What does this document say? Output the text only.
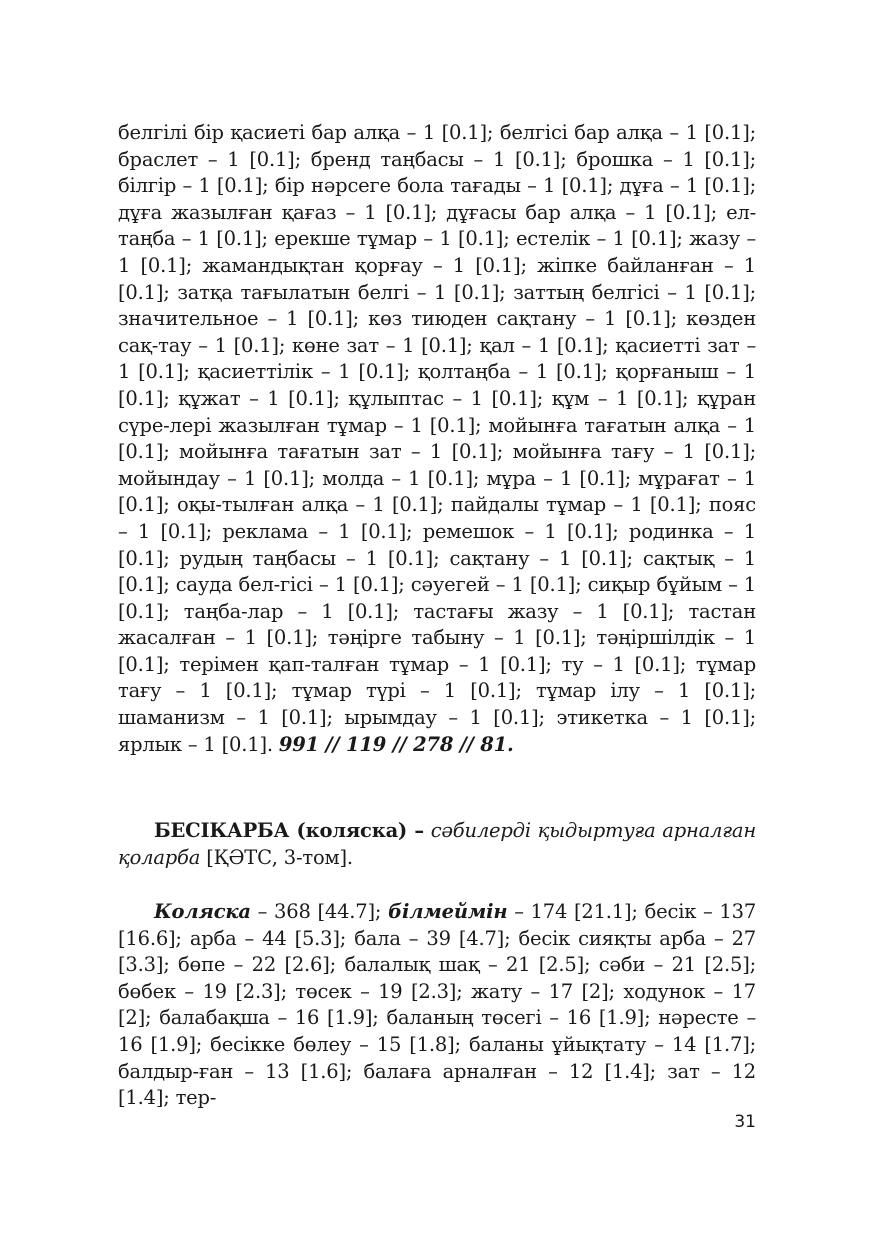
белгілі бір қасиеті бар алқа – 1 [0.1]; белгісі бар алқа – 1 [0.1]; браслет – 1 [0.1]; бренд таңбасы – 1 [0.1]; брошка – 1 [0.1]; білгір – 1 [0.1]; бір нәрсеге бола тағады – 1 [0.1]; дұға – 1 [0.1]; дұға жазылған қағаз – 1 [0.1]; дұғасы бар алқа – 1 [0.1]; ел-таңба – 1 [0.1]; ерекше тұмар – 1 [0.1]; естелік – 1 [0.1]; жазу – 1 [0.1]; жамандықтан қорғау – 1 [0.1]; жіпке байланған – 1 [0.1]; затқа тағылатын белгі – 1 [0.1]; заттың белгісі – 1 [0.1]; значительное – 1 [0.1]; көз тиюден сақтану – 1 [0.1]; көзден сақ-тау – 1 [0.1]; көне зат – 1 [0.1]; қал – 1 [0.1]; қасиетті зат – 1 [0.1]; қасиеттілік – 1 [0.1]; қолтаңба – 1 [0.1]; қорғаныш – 1 [0.1]; құжат – 1 [0.1]; құлыптас – 1 [0.1]; құм – 1 [0.1]; құран сүре-лері жазылған тұмар – 1 [0.1]; мойынға тағатын алқа – 1 [0.1]; мойынға тағатын зат – 1 [0.1]; мойынға тағу – 1 [0.1]; мойындау – 1 [0.1]; молда – 1 [0.1]; мұра – 1 [0.1]; мұрағат – 1 [0.1]; оқы-тылған алқа – 1 [0.1]; пайдалы тұмар – 1 [0.1]; пояс – 1 [0.1]; реклама – 1 [0.1]; ремешок – 1 [0.1]; родинка – 1 [0.1]; рудың таңбасы – 1 [0.1]; сақтану – 1 [0.1]; сақтық – 1 [0.1]; сауда бел-гісі – 1 [0.1]; сәуегей – 1 [0.1]; сиқыр бұйым – 1 [0.1]; таңба-лар – 1 [0.1]; тастағы жазу – 1 [0.1]; тастан жасалған – 1 [0.1]; тәңірге табыну – 1 [0.1]; тәңіршілдік – 1 [0.1]; терімен қап-талған тұмар – 1 [0.1]; ту – 1 [0.1]; тұмар тағу – 1 [0.1]; тұмар түрі – 1 [0.1]; тұмар ілу – 1 [0.1]; шаманизм – 1 [0.1]; ырымдау – 1 [0.1]; этикетка – 1 [0.1]; ярлык – 1 [0.1]. 991 // 119 // 278 // 81.

БЕСІКАРБА (коляска) – сәбилерді қыдыртуға арналған қоларба [ҚӘТС, 3-том].

Коляска – 368 [44.7]; білмеймін – 174 [21.1]; бесік – 137 [16.6]; арба – 44 [5.3]; бала – 39 [4.7]; бесік сияқты арба – 27 [3.3]; бөпе – 22 [2.6]; балалық шақ – 21 [2.5]; сәби – 21 [2.5]; бөбек – 19 [2.3]; төсек – 19 [2.3]; жату – 17 [2]; ходунок – 17 [2]; балабақша – 16 [1.9]; баланың төсегі – 16 [1.9]; нәресте – 16 [1.9]; бесікке бөлеу – 15 [1.8]; баланы ұйықтату – 14 [1.7]; балдыр-ған – 13 [1.6]; балаға арналған – 12 [1.4]; зат – 12 [1.4]; тер-

31
